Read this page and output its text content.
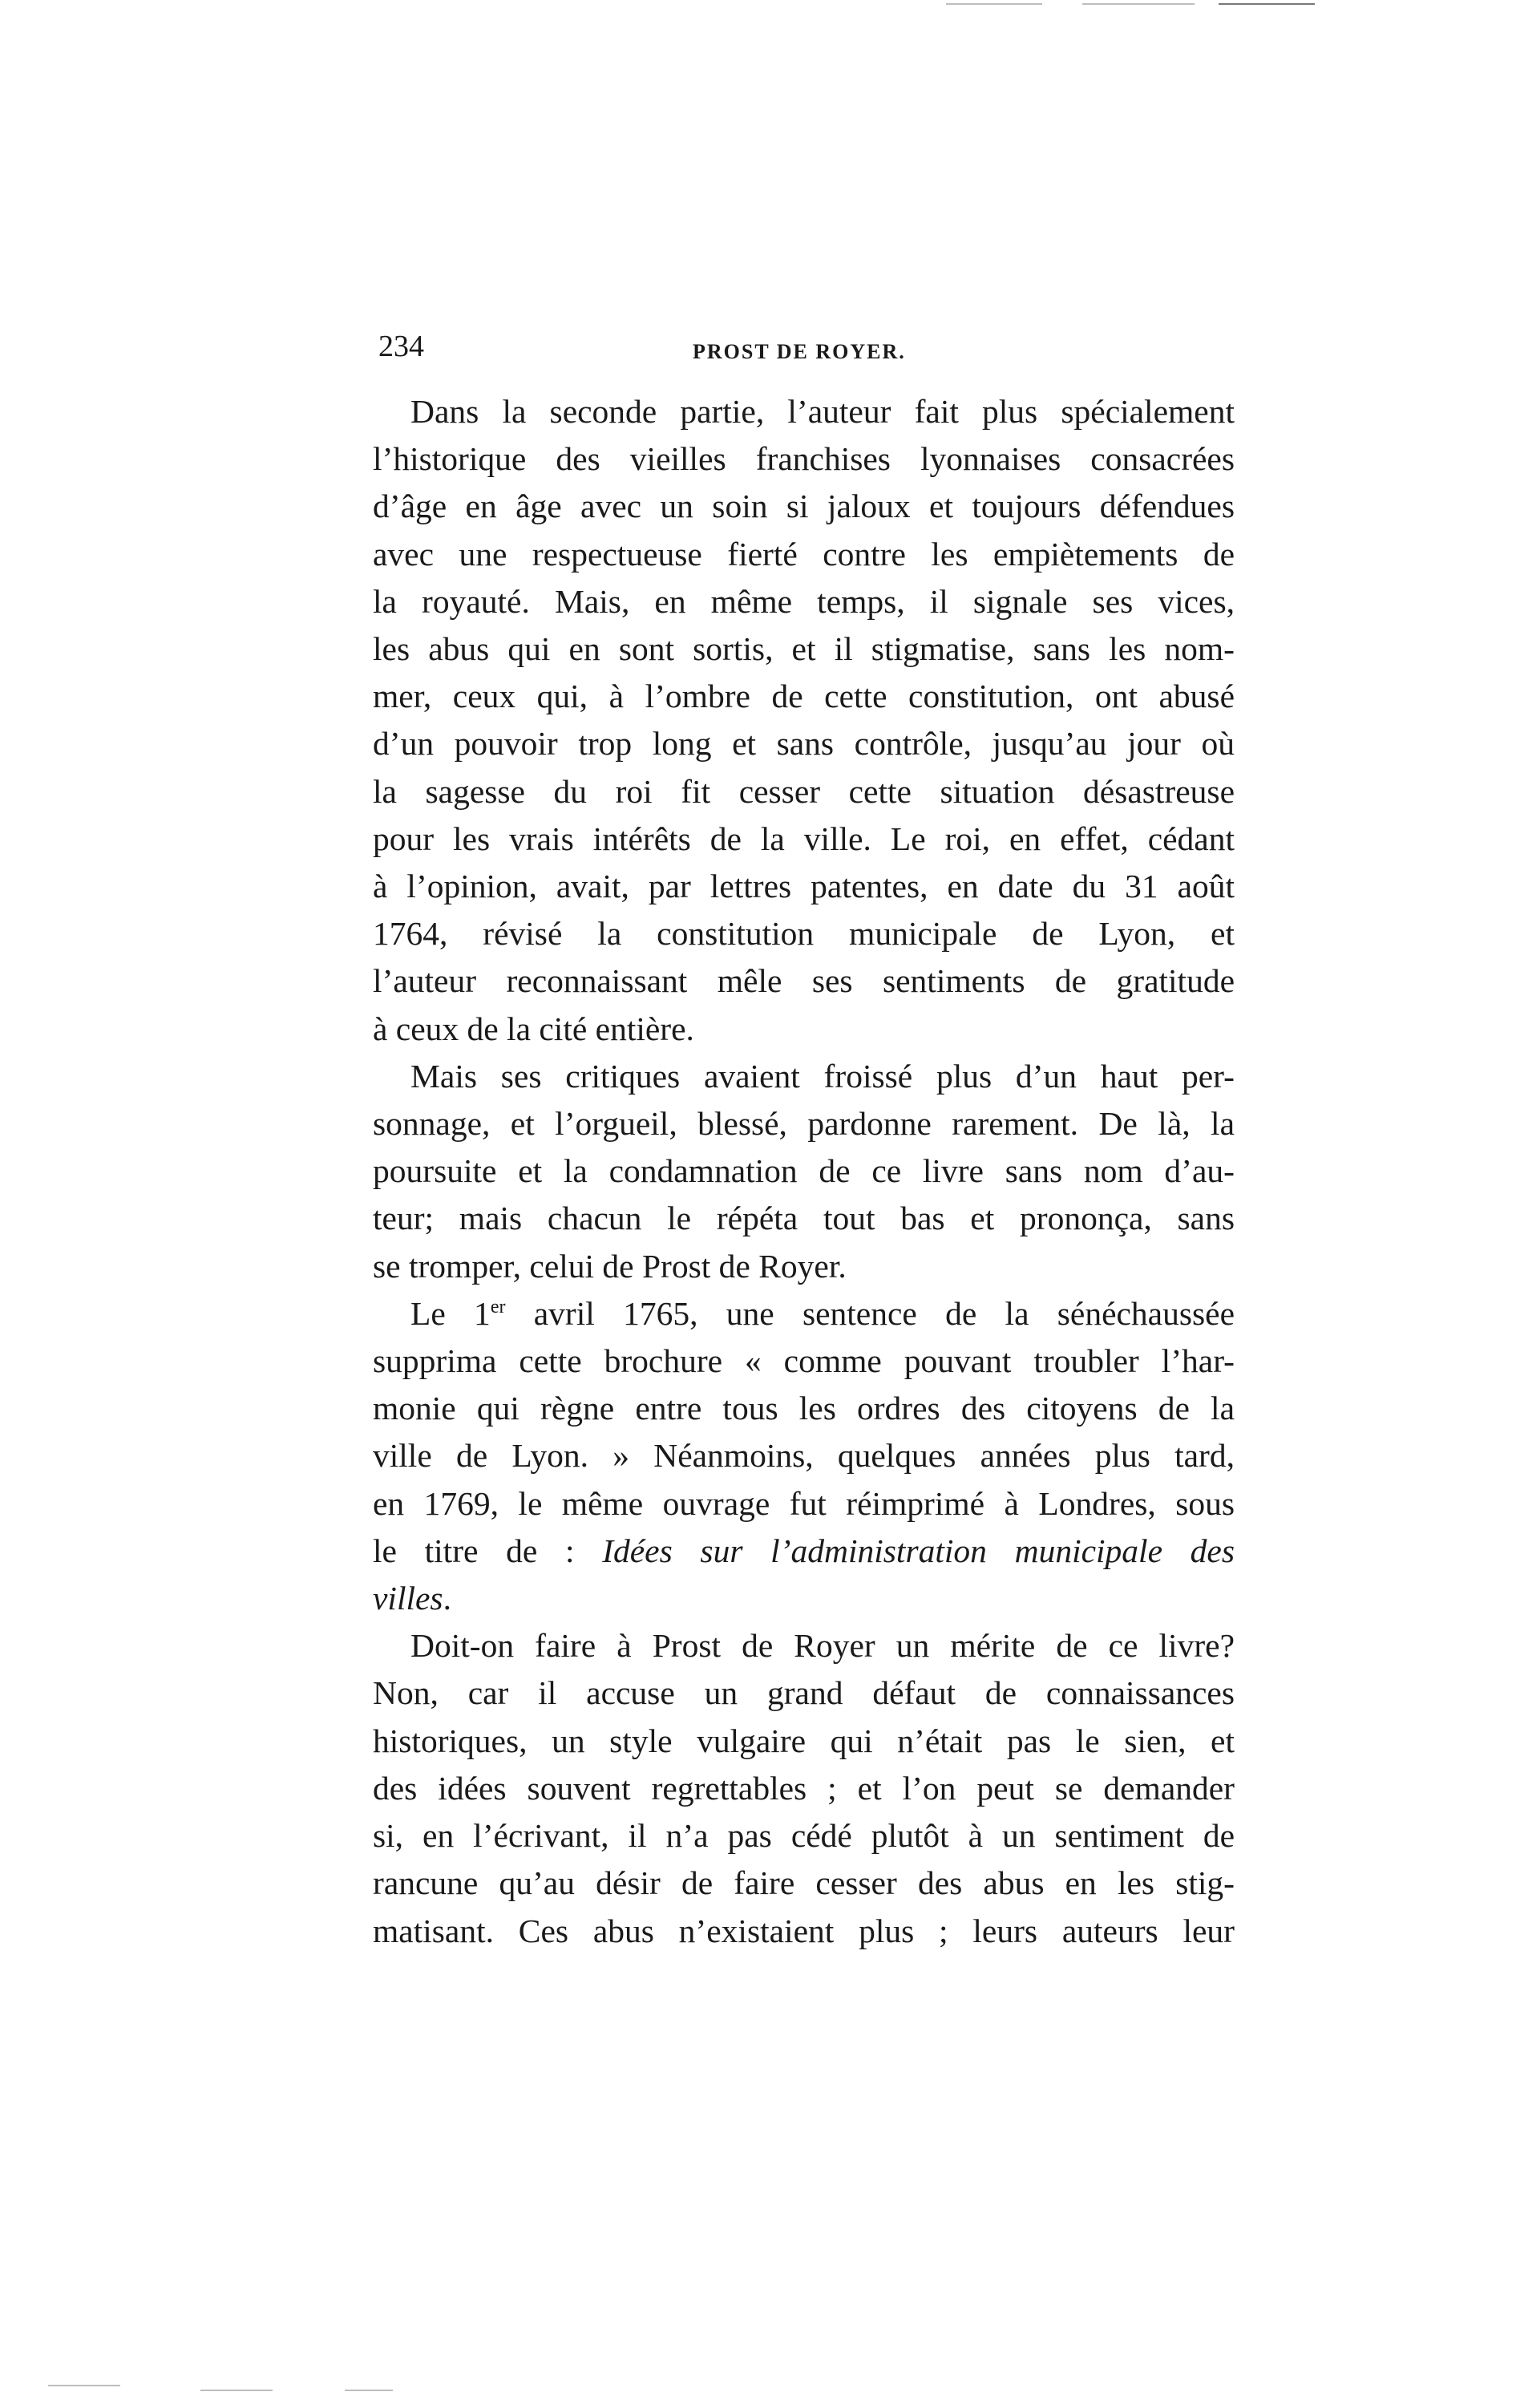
234	PROST DE ROYER.

Dans la seconde partie, l’auteur fait plus spécialement
l’historique des vieilles franchises lyonnaises consacrées
d’âge en âge avec un soin si jaloux et toujours défendues
avec une respectueuse fierté contre les empiètements de
la royauté. Mais, en même temps, il signale ses vices,
les abus qui en sont sortis, et il stigmatise, sans les nom-
mer, ceux qui, à l’ombre de cette constitution, ont abusé
d’un pouvoir trop long et sans contrôle, jusqu’au jour où
la sagesse du roi fit cesser cette situation désastreuse
pour les vrais intérêts de la ville. Le roi, en effet, cédant
à l’opinion, avait, par lettres patentes, en date du 31 août
1764, révisé la constitution municipale de Lyon, et
l’auteur reconnaissant mêle ses sentiments de gratitude
à ceux de la cité entière.

Mais ses critiques avaient froissé plus d’un haut per-
sonnage, et l’orgueil, blessé, pardonne rarement. De là, la
poursuite et la condamnation de ce livre sans nom d’au-
teur; mais chacun le répéta tout bas et prononça, sans
se tromper, celui de Prost de Royer.

Le 1er avril 1765, une sentence de la sénéchaussée
supprima cette brochure « comme pouvant troubler l’har-
monie qui règne entre tous les ordres des citoyens de la
ville de Lyon. » Néanmoins, quelques années plus tard,
en 1769, le même ouvrage fut réimprimé à Londres, sous
le titre de : Idées sur l’administration municipale des
villes.

Doit-on faire à Prost de Royer un mérite de ce livre?
Non, car il accuse un grand défaut de connaissances
historiques, un style vulgaire qui n’était pas le sien, et
des idées souvent regrettables ; et l’on peut se demander
si, en l’écrivant, il n’a pas cédé plutôt à un sentiment de
rancune qu’au désir de faire cesser des abus en les stig-
matisant. Ces abus n’existaient plus ; leurs auteurs leur
